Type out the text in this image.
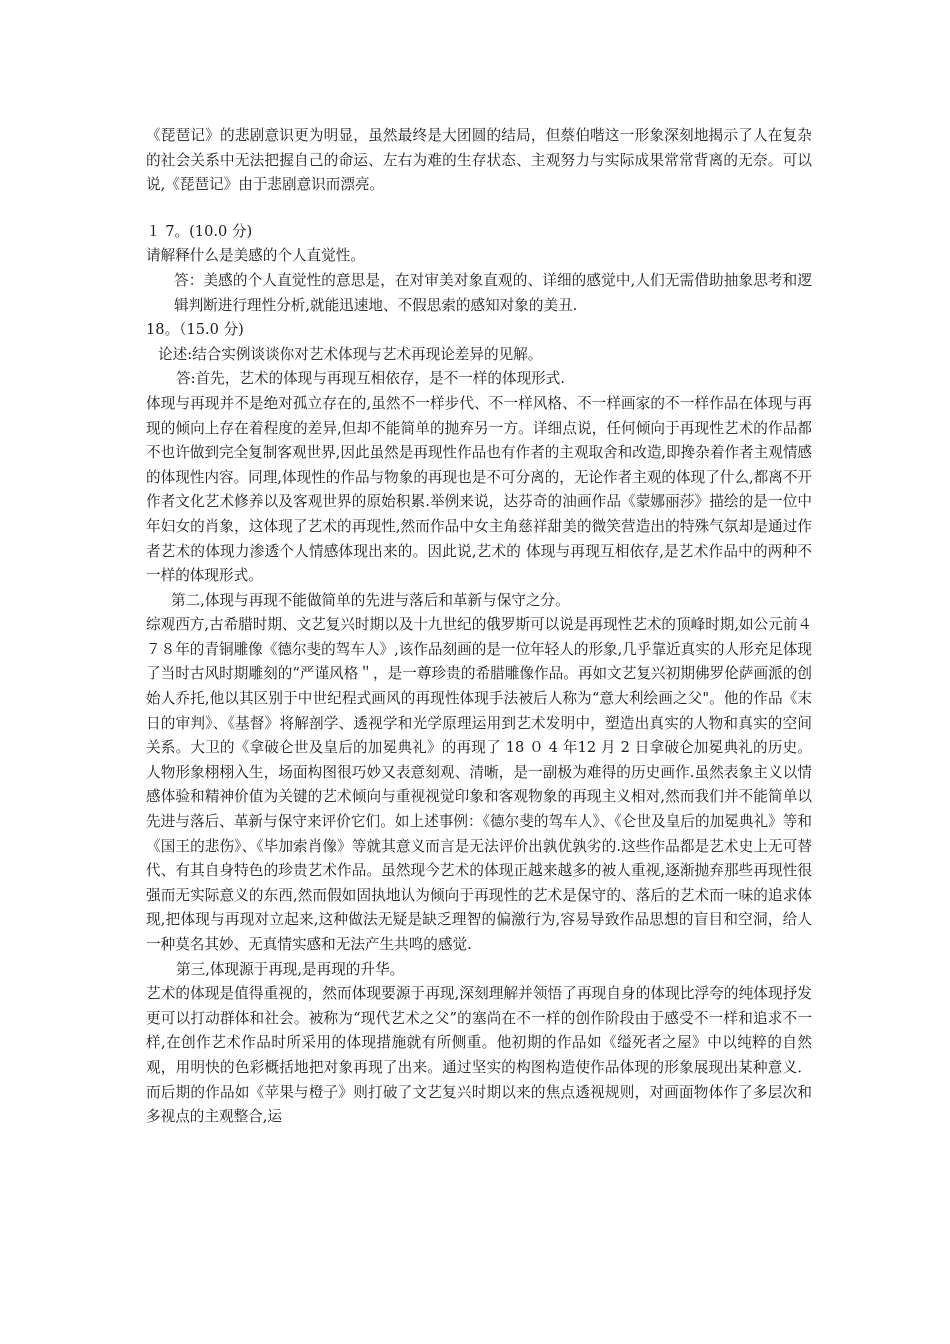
《琵琶记》的悲剧意识更为明显，虽然最终是大团圆的结局，但蔡伯喈这一形象深刻地揭示了人在复杂的社会关系中无法把握自己的命运、左右为难的生存状态、主观努力与实际成果常常背离的无奈。可以说,《琵琶记》由于悲剧意识而漂亮。

１ 7。(10.0 分)

请解释什么是美感的个人直觉性。

答：美感的个人直觉性的意思是，在对审美对象直观的、详细的感觉中,人们无需借助抽象思考和逻辑判断进行理性分析,就能迅速地、不假思索的感知对象的美丑.

18。（15.0 分)

论述:结合实例谈谈你对艺术体现与艺术再现论差异的见解。

答:首先，艺术的体现与再现互相依存，是不一样的体现形式.

体现与再现并不是绝对孤立存在的,虽然不一样步代、不一样风格、不一样画家的不一样作品在体现与再现的倾向上存在着程度的差异,但却不能简单的抛弃另一方。详细点说，任何倾向于再现性艺术的作品都不也许做到完全复制客观世界,因此虽然是再现性作品也有作者的主观取舍和改造,即搀杂着作者主观情感的体现性内容。同理,体现性的作品与物象的再现也是不可分离的，无论作者主观的体现了什么,都离不开作者文化艺术修养以及客观世界的原始积累.举例来说，达芬奇的油画作品《蒙娜丽莎》描绘的是一位中年妇女的肖象，这体现了艺术的再现性,然而作品中女主角慈祥甜美的微笑营造出的特殊气氛却是通过作者艺术的体现力渗透个人情感体现出来的。因此说,艺术的 体现与再现互相依存,是艺术作品中的两种不一样的体现形式。

第二,体现与再现不能做简单的先进与落后和革新与保守之分。

综观西方,古希腊时期、文艺复兴时期以及十九世纪的俄罗斯可以说是再现性艺术的顶峰时期,如公元前４７８年的青铜雕像《德尔斐的驾车人》,该作品刻画的是一位年轻人的形象,几乎靠近真实的人形充足体现了当时古风时期雕刻的“严谨风格＂，是一尊珍贵的希腊雕像作品。再如文艺复兴初期佛罗伦萨画派的创始人乔托,他以其区别于中世纪程式画风的再现性体现手法被后人称为“意大利绘画之父"。他的作品《末日的审判》、《基督》将解剖学、透视学和光学原理运用到艺术发明中，塑造出真实的人物和真实的空间关系。大卫的《拿破仑世及皇后的加冕典礼》的再现了 18 ０ 4 年12 月 2 日拿破仑加冕典礼的历史。人物形象栩栩入生，场面构图很巧妙又表意刻观、清晰，是一副极为难得的历史画作.虽然表象主义以情感体验和精神价值为关键的艺术倾向与重视视觉印象和客观物象的再现主义相对,然而我们并不能简单以先进与落后、革新与保守来评价它们。如上述事例：《德尔斐的驾车人》、《仑世及皇后的加冕典礼》等和《国王的悲伤》、《毕加索肖像》等就其意义而言是无法评价出孰优孰劣的.这些作品都是艺术史上无可替代、有其自身特色的珍贵艺术作品。虽然现今艺术的体现正越来越多的被人重视,逐渐抛弃那些再现性很强而无实际意义的东西,然而假如固执地认为倾向于再现性的艺术是保守的、落后的艺术而一味的追求体现,把体现与再现对立起来,这种做法无疑是缺乏理智的偏激行为,容易导致作品思想的盲目和空洞，给人一种莫名其妙、无真情实感和无法产生共鸣的感觉.

第三,体现源于再现,是再现的升华。

艺术的体现是值得重视的，然而体现要源于再现,深刻理解并领悟了再现自身的体现比浮夸的纯体现抒发更可以打动群体和社会。被称为“现代艺术之父”的塞尚在不一样的创作阶段由于感受不一样和追求不一样,在创作艺术作品时所采用的体现措施就有所侧重。他初期的作品如《缢死者之屋》中以纯粹的自然观，用明快的色彩概括地把对象再现了出来。通过坚实的构图构造使作品体现的形象展现出某种意义．而后期的作品如《苹果与橙子》则打破了文艺复兴时期以来的焦点透视规则，对画面物体作了多层次和多视点的主观整合,运
